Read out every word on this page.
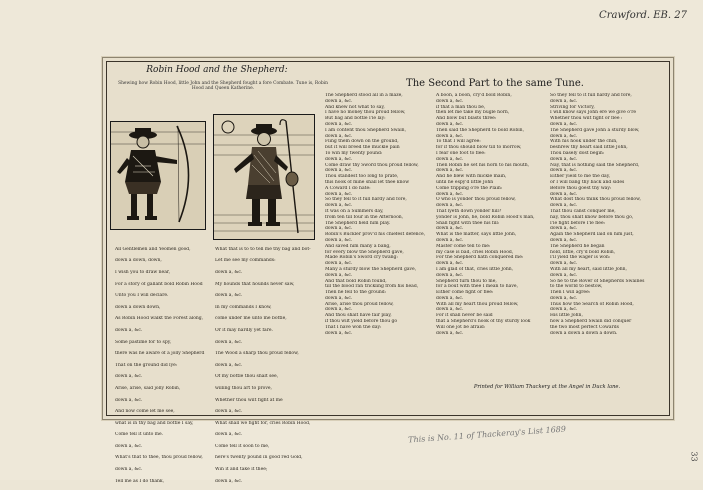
Crawford. EB. 27
Robin Hood and the Shepherd:
Shewing how Robin Hood, little John and the Shepherd fought a fore Combate. Tune is, Robin Hood and Queen Katherine.	The Second Part to the same Tune.

All Gentlemen and Yeomen good,

down a down, down,

I wish you to draw near,

For a story of gallant bold Robin Hood

Unto you I will declare.

down a down down,

As Robin Hood walkt the Forest along,

down a, &c.

Some pastime for to spy,

there was he aware of a jolly Shepherd

That on the ground did lye:

down a, &c.

Arise, arise, said jolly Robin,

down a, &c.

And now come let me see,

what is in thy bag and bottle I say,

Come tell it unto me.

down a, &c.

What's that to thee, thou proud fellow,

down a, &c.

Tell me as I do thank,

What that is to to tell me thy bag and bot-

Let me see my commands:

down a, &c.

My hounds that hounds never saw,

down a, &c.

In my commands I know,

come under me unto me bottle,

Or it may hardly yet fare.

down a, &c.

The Wood a sharp thou proud fellow,

down a, &c.

Of my bottle thou shalt see,

willing thou art to prove,

Whether thou wilt fight at me

down a, &c.

What shall we fight for, cries Robin Hood,

down a, &c.

Come tell it soon to me,

here's twenty pound in good red Gold,

Win it and take it thee;

down a, &c.

The Shepherd stood all in a maze,
down a, &c.
And knew not what to say,
I have no money thou proud fellow,
But bag and bottle I'le lay:
down a, &c.
I am content thou Shepherd Swain,
down a, &c.
Fling them down on the ground,
but it will breed the muckle pain
To win my twenty pound:
down a, &c.
Come draw thy Sword thou proud fellow,
down a, &c.
Thou standest too long to prate,
this hook of mine shall let thee know
A Coward I do hate:
down a, &c.
So they fell to it full hardy and fore,
down a, &c.
It was on a Summers day,
from ten till four in the Afternoon,
The Shepherd held him play.
down a, &c.
Robin's Buckler prov'd his chiefest defence,
down a, &c.
And saved him many a bang,
for every blow the Shepherd gave,
Made Robin's Sword cry twang:
down a, &c.
Many a sturdy blow the Shepherd gave,
down a, &c.
And that bold Robin found,
till the blood ran trickling from his head,
Then he fell to the ground:
down a, &c.
Arise, arise thou proud fellow,
down a, &c.
And thou shalt have fair play,
if thou wilt yield before thou go
That I have won the day:
down a, &c.
A boon, a boon, cry'd bold Robin,
down a, &c.
if that a man thou be,
then let me take my bugle horn,
And blow but blasts three:
down a, &c.
Then said the Shepherd to bold Robin,
down a, &c.
To that I will agree:
for if thou should blow till to morrow,
I fear one foot to flee:
down a, &c.
Then Robin he set his horn to his mouth,
down a, &c.
And he blew with mickle main,
until he espy'd little John
Come tripping o're the Plain:
down a, &c.
O who is yonder thou proud fellow,
down a, &c.
That lyeth down yonder hill?
yonder is John, he, bold Robin Hood's man,
Shall fight with thee his fill:
down a, &c.
What is the matter, says little John,
down a, &c.
Master come tell to me:
my case is bad, cries Robin Hood,
For the Shepherd hath conquered me:
down a, &c.
I am glad of that, cries little John,
down a, &c.
Shepherd turn thou to me,
for a bout with thee I mean to have,
Either come fight or flee:
down a, &c.
With all my heart thou proud fellow,
down a, &c.
For it shall never be said
that a Shepherd's hook of thy sturdy look
Will one jot be afraid:
down a, &c.
So they fell to it full hardy and fore,
down a, &c.
Striving for Victory,
I will know says John ere we give o're
Whether thou wilt fight or flee :
down a, &c.
The Shepherd gave John a sturdy blow,
down a, &c.
With his hook under the chin,
beshrew thy heart said little John,
Thou basely dost begin:
down a, &c.
Nay, that is nothing said the Shepherd,
down a, &c.
Either yield to me the day,
or I will bang thy back and sides
Before thou goest thy way:
down a, &c.
What dost thou think thou proud fellow,
down a, &c.
That thou canst conquer me,
nay, thou shalt know before thou go,
I'le fight before I'le flee:
down a, &c.
Again the Shepherd laid on him just,
down a, &c.
The Shepherd he began
hold, little, cry'd bold Robin,
I'll yield the wager is won:
down a, &c.
With all my heart, said little John,
down a, &c.
So he to the Rover of Shepherds Swaines
to the world to bestow,
Then I will agree:
down a, &c.
Thus how the Search of Robin Hood,
down a, &c.
His little John,
how a Shepherd Swain did conquer
the two most perfect Cowards
down a down a down a down.
Printed for William Thackery at the Angel in Duck lane.
This is No. 11 of Thackeray's List 1689
33
